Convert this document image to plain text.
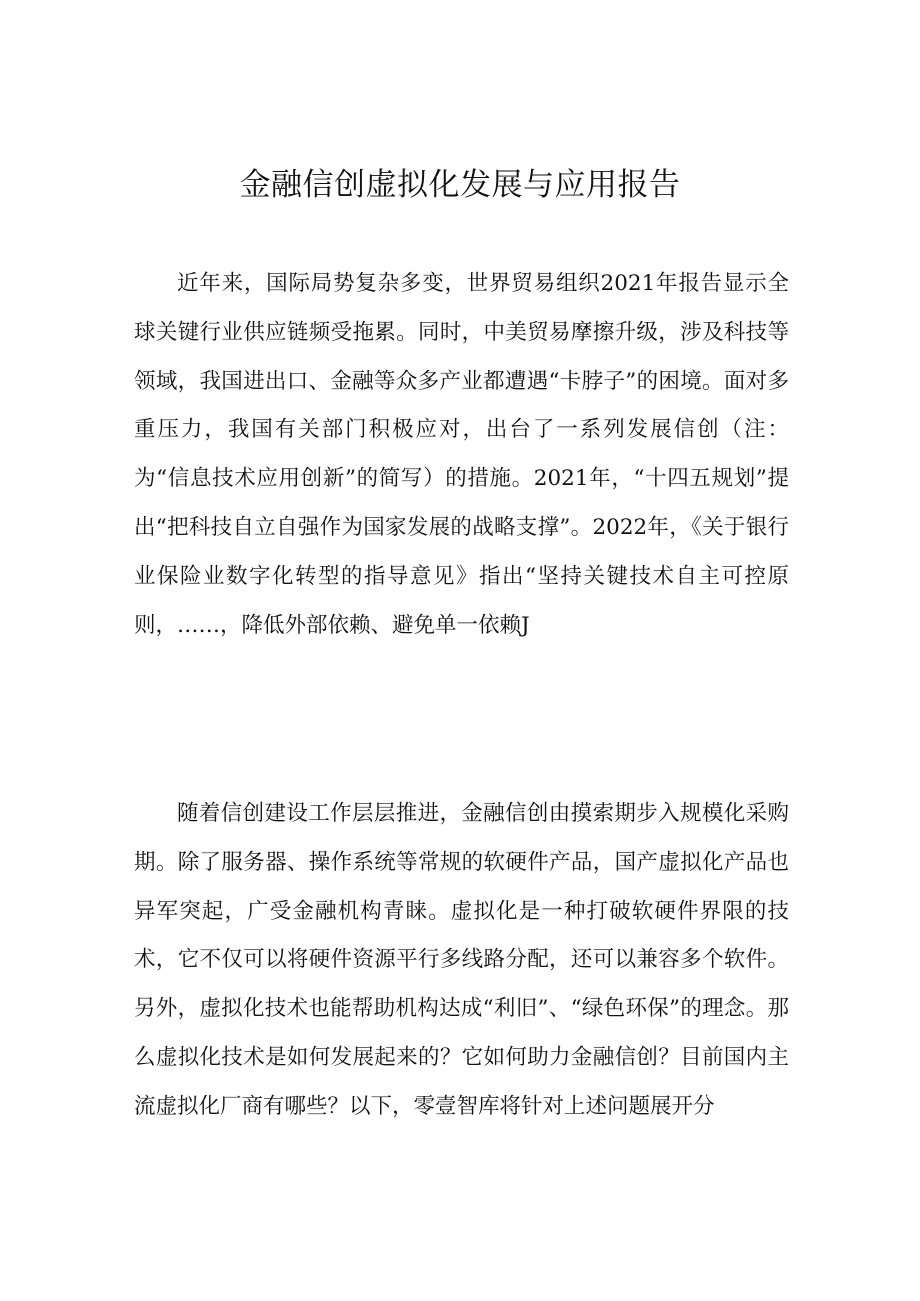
金融信创虚拟化发展与应用报告

近年来，国际局势复杂多变，世界贸易组织2021年报告显示全球关键行业供应链频受拖累。同时，中美贸易摩擦升级，涉及科技等领域，我国进出口、金融等众多产业都遭遇“卡脖子”的困境。面对多重压力，我国有关部门积极应对，出台了一系列发展信创（注：为“信息技术应用创新”的简写）的措施。2021年，“十四五规划”提出“把科技自立自强作为国家发展的战略支撑”。2022年，《关于银行业保险业数字化转型的指导意见》指出“坚持关键技术自主可控原则，……，降低外部依赖、避免单一依赖J

随着信创建设工作层层推进，金融信创由摸索期步入规模化采购期。除了服务器、操作系统等常规的软硬件产品，国产虚拟化产品也异军突起，广受金融机构青睐。虚拟化是一种打破软硬件界限的技术，它不仅可以将硬件资源平行多线路分配，还可以兼容多个软件。另外，虚拟化技术也能帮助机构达成“利旧”、“绿色环保”的理念。那么虚拟化技术是如何发展起来的？它如何助力金融信创？目前国内主流虚拟化厂商有哪些？以下，零壹智库将针对上述问题展开分
